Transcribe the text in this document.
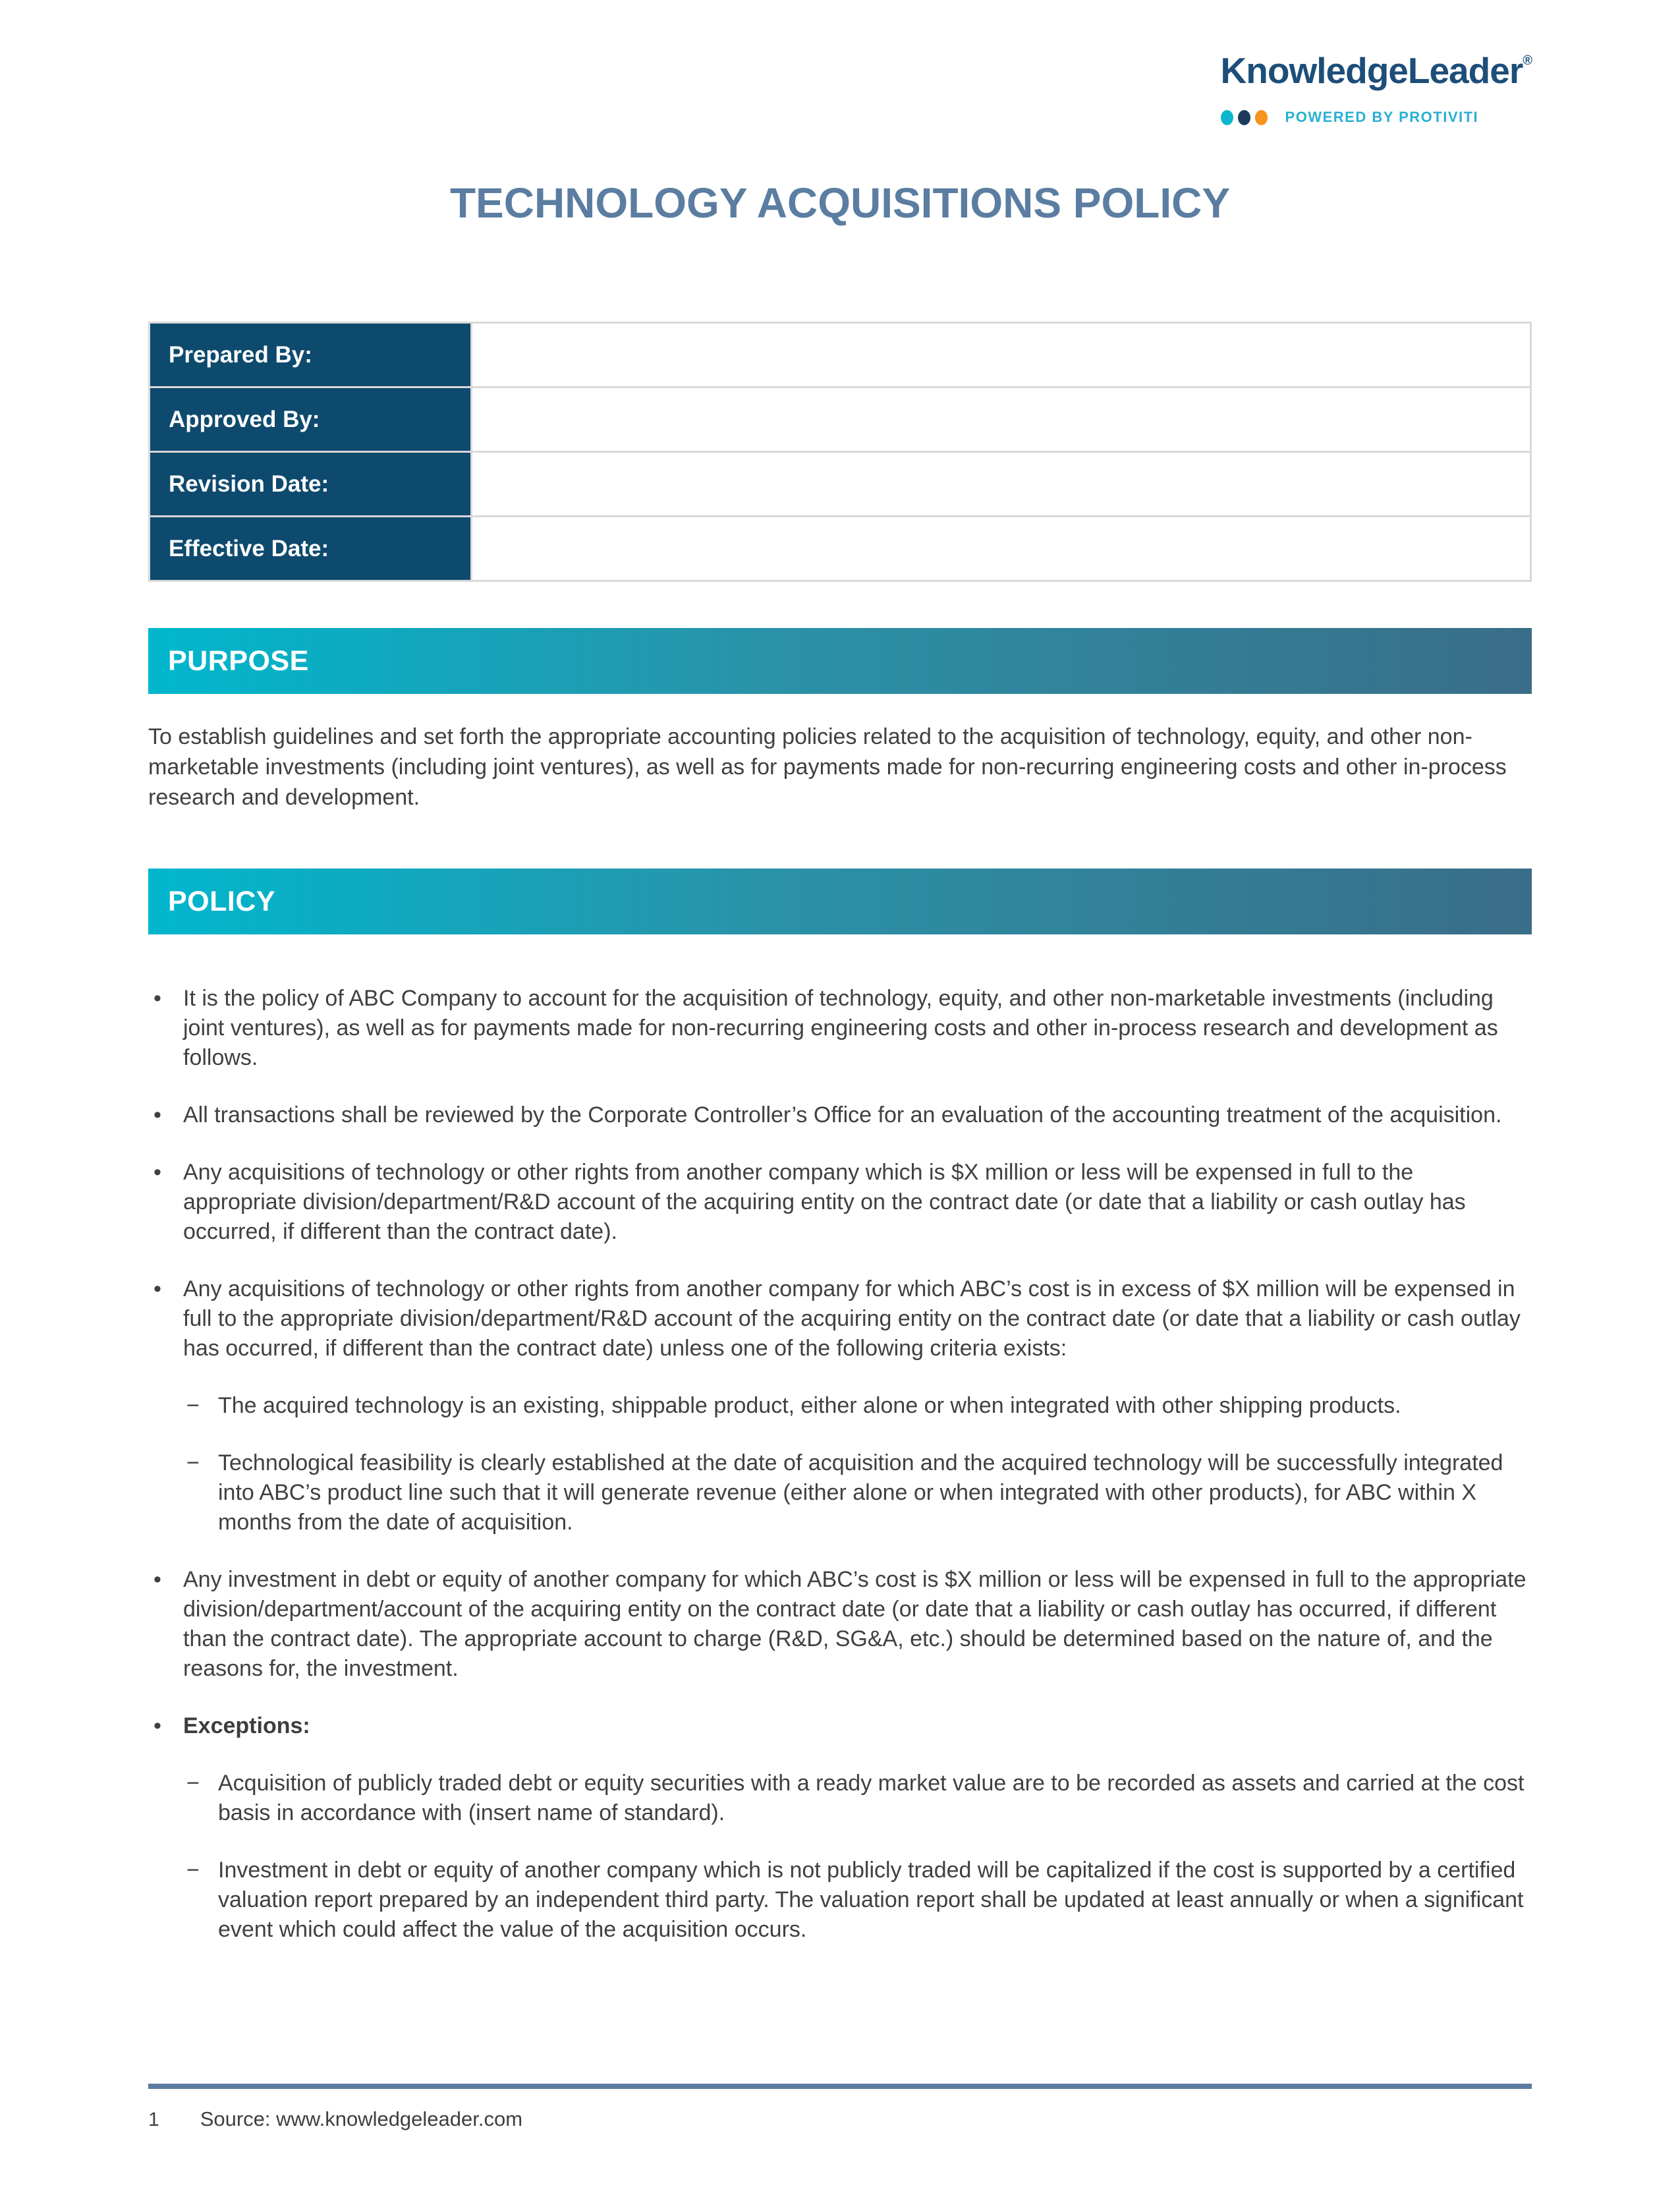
KnowledgeLeader®
POWERED BY PROTIVITI
TECHNOLOGY ACQUISITIONS POLICY
Prepared By:	
Approved By:	
Revision Date:	
Effective Date:	
PURPOSE
To establish guidelines and set forth the appropriate accounting policies related to the acquisition of technology, equity, and other non-marketable investments (including joint ventures), as well as for payments made for non-recurring engineering costs and other in-process research and development.
POLICY
• It is the policy of ABC Company to account for the acquisition of technology, equity, and other non-marketable investments (including joint ventures), as well as for payments made for non-recurring engineering costs and other in-process research and development as follows.
• All transactions shall be reviewed by the Corporate Controller’s Office for an evaluation of the accounting treatment of the acquisition.
• Any acquisitions of technology or other rights from another company which is $X million or less will be expensed in full to the appropriate division/department/R&D account of the acquiring entity on the contract date (or date that a liability or cash outlay has occurred, if different than the contract date).
• Any acquisitions of technology or other rights from another company for which ABC’s cost is in excess of $X million will be expensed in full to the appropriate division/department/R&D account of the acquiring entity on the contract date (or date that a liability or cash outlay has occurred, if different than the contract date) unless one of the following criteria exists:
− The acquired technology is an existing, shippable product, either alone or when integrated with other shipping products.
− Technological feasibility is clearly established at the date of acquisition and the acquired technology will be successfully integrated into ABC’s product line such that it will generate revenue (either alone or when integrated with other products), for ABC within X months from the date of acquisition.
• Any investment in debt or equity of another company for which ABC’s cost is $X million or less will be expensed in full to the appropriate division/department/account of the acquiring entity on the contract date (or date that a liability or cash outlay has occurred, if different than the contract date). The appropriate account to charge (R&D, SG&A, etc.) should be determined based on the nature of, and the reasons for, the investment.
• Exceptions:
− Acquisition of publicly traded debt or equity securities with a ready market value are to be recorded as assets and carried at the cost basis in accordance with (insert name of standard).
− Investment in debt or equity of another company which is not publicly traded will be capitalized if the cost is supported by a certified valuation report prepared by an independent third party. The valuation report shall be updated at least annually or when a significant event which could affect the value of the acquisition occurs.
1 Source: www.knowledgeleader.com
